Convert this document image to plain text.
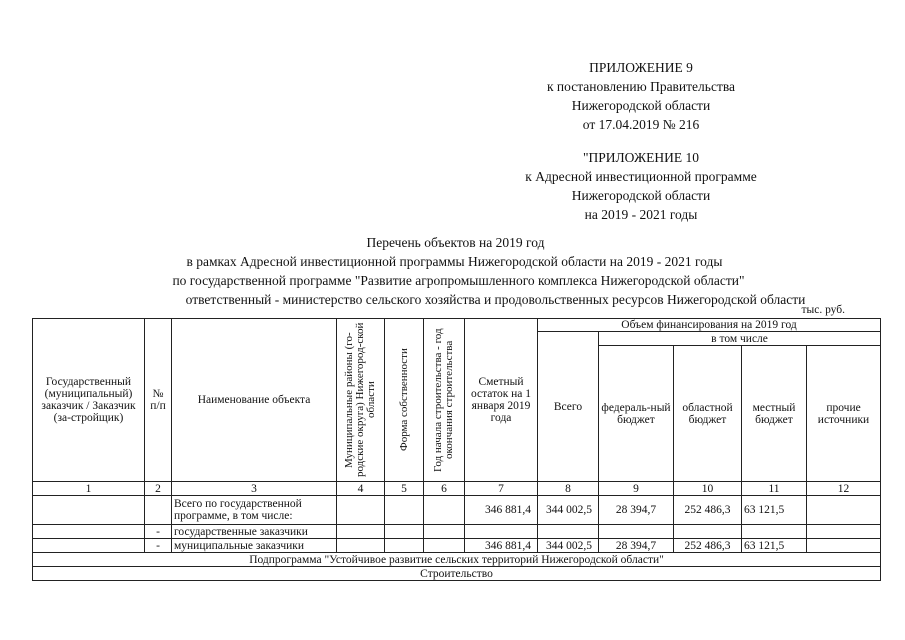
ПРИЛОЖЕНИЕ 9
к постановлению Правительства
Нижегородской области
от 17.04.2019 № 216
"ПРИЛОЖЕНИЕ 10
к Адресной инвестиционной программе
Нижегородской области
на 2019 - 2021 годы
Перечень объектов на 2019 год
в рамках Адресной инвестиционной программы Нижегородской области на 2019 - 2021 годы
по государственной программе "Развитие агропромышленного комплекса Нижегородской области"
ответственный - министерство сельского хозяйства и продовольственных ресурсов Нижегородской области
тыс. руб.
Государственный (муниципальный) заказчик / Заказчик (за-стройщик)	№ п/п	Наименование объекта	Муниципальные районы (го-родские округа) Нижегород-ской области	Форма собственности	Год начала строительства - год окончания строительства	Сметный остаток на 1 января 2019 года	Объем финансирования на 2019 год				
							Всего	в том числе			
								федераль-ный бюджет	областной бюджет	местный бюджет	прочие источники
1	2	3	4	5	6	7	8	9	10	11	12
		Всего по государственной программе, в том числе:				346 881,4	344 002,5	28 394,7	252 486,3	63 121,5	
	-	государственные заказчики									
	-	муниципальные заказчики				346 881,4	344 002,5	28 394,7	252 486,3	63 121,5	
Подпрограмма "Устойчивое развитие сельских территорий Нижегородской области"											
Строительство											
